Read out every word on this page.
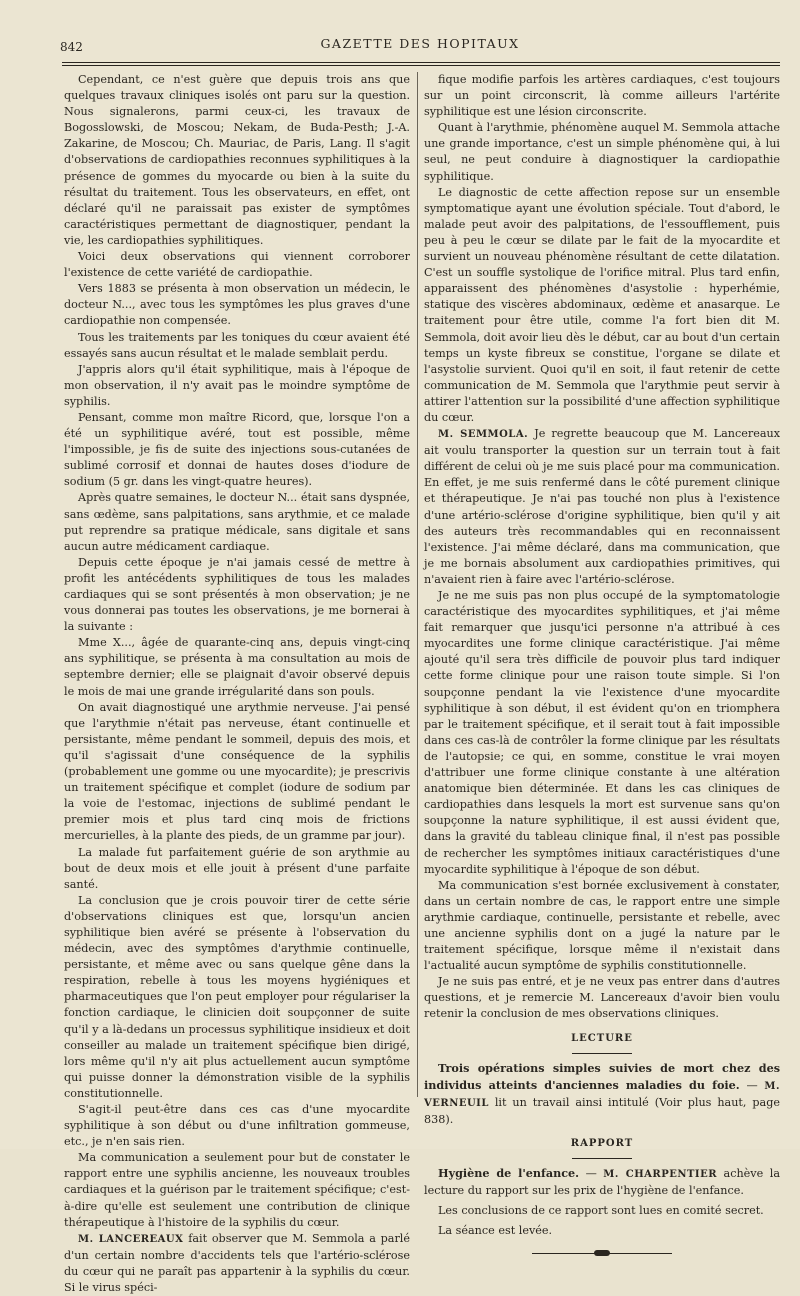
842	GAZETTE DES HOPITAUX

Cependant, ce n'est guère que depuis trois ans que quelques travaux cliniques isolés ont paru sur la question. Nous signalerons, parmi ceux-ci, les travaux de Bogosslowski, de Moscou; Nekam, de Buda-Pesth; J.-A. Zakarine, de Moscou; Ch. Mauriac, de Paris, Lang. Il s'agit d'observations de cardiopathies reconnues syphilitiques à la présence de gommes du myocarde ou bien à la suite du résultat du traitement. Tous les observateurs, en effet, ont déclaré qu'il ne paraissait pas exister de symptômes caractéristiques permettant de diagnostiquer, pendant la vie, les cardiopathies syphilitiques.

Voici deux observations qui viennent corroborer l'existence de cette variété de cardiopathie.

Vers 1883 se présenta à mon observation un médecin, le docteur N..., avec tous les symptômes les plus graves d'une cardiopathie non compensée.

Tous les traitements par les toniques du cœur avaient été essayés sans aucun résultat et le malade semblait perdu.

J'appris alors qu'il était syphilitique, mais à l'époque de mon observation, il n'y avait pas le moindre symptôme de syphilis.

Pensant, comme mon maître Ricord, que, lorsque l'on a été un syphilitique avéré, tout est possible, même l'impossible, je fis de suite des injections sous-cutanées de sublimé corrosif et donnai de hautes doses d'iodure de sodium (5 gr. dans les vingt-quatre heures).

Après quatre semaines, le docteur N... était sans dyspnée, sans œdème, sans palpitations, sans arythmie, et ce malade put reprendre sa pratique médicale, sans digitale et sans aucun autre médicament cardiaque.

Depuis cette époque je n'ai jamais cessé de mettre à profit les antécédents syphilitiques de tous les malades cardiaques qui se sont présentés à mon observation; je ne vous donnerai pas toutes les observations, je me bornerai à la suivante :

Mme X..., âgée de quarante-cinq ans, depuis vingt-cinq ans syphilitique, se présenta à ma consultation au mois de septembre dernier; elle se plaignait d'avoir observé depuis le mois de mai une grande irrégularité dans son pouls.

On avait diagnostiqué une arythmie nerveuse. J'ai pensé que l'arythmie n'était pas nerveuse, étant continuelle et persistante, même pendant le sommeil, depuis des mois, et qu'il s'agissait d'une conséquence de la syphilis (probablement une gomme ou une myocardite); je prescrivis un traitement spécifique et complet (iodure de sodium par la voie de l'estomac, injections de sublimé pendant le premier mois et plus tard cinq mois de frictions mercurielles, à la plante des pieds, de un gramme par jour).

La malade fut parfaitement guérie de son arythmie au bout de deux mois et elle jouit à présent d'une parfaite santé.

La conclusion que je crois pouvoir tirer de cette série d'observations cliniques est que, lorsqu'un ancien syphilitique bien avéré se présente à l'observation du médecin, avec des symptômes d'arythmie continuelle, persistante, et même avec ou sans quelque gêne dans la respiration, rebelle à tous les moyens hygiéniques et pharmaceutiques que l'on peut employer pour régulariser la fonction cardiaque, le clinicien doit soupçonner de suite qu'il y a là-dedans un processus syphilitique insidieux et doit conseiller au malade un traitement spécifique bien dirigé, lors même qu'il n'y ait plus actuellement aucun symptôme qui puisse donner la démonstration visible de la syphilis constitutionnelle.

S'agit-il peut-être dans ces cas d'une myocardite syphilitique à son début ou d'une infiltration gommeuse, etc., je n'en sais rien.

Ma communication a seulement pour but de constater le rapport entre une syphilis ancienne, les nouveaux troubles cardiaques et la guérison par le traitement spécifique; c'est-à-dire qu'elle est seulement une contribution de clinique thérapeutique à l'histoire de la syphilis du cœur.

M. LANCEREAUX fait observer que M. Semmola a parlé d'un certain nombre d'accidents tels que l'artério-sclérose du cœur qui ne paraît pas appartenir à la syphilis du cœur. Si le virus spéci-

fique modifie parfois les artères cardiaques, c'est toujours sur un point circonscrit, là comme ailleurs l'artérite syphilitique est une lésion circonscrite.

Quant à l'arythmie, phénomène auquel M. Semmola attache une grande importance, c'est un simple phénomène qui, à lui seul, ne peut conduire à diagnostiquer la cardiopathie syphilitique.

Le diagnostic de cette affection repose sur un ensemble symptomatique ayant une évolution spéciale. Tout d'abord, le malade peut avoir des palpitations, de l'essoufflement, puis peu à peu le cœur se dilate par le fait de la myocardite et survient un nouveau phénomène résultant de cette dilatation. C'est un souffle systolique de l'orifice mitral. Plus tard enfin, apparaissent des phénomènes d'asystolie : hyperhémie, statique des viscères abdominaux, œdème et anasarque. Le traitement pour être utile, comme l'a fort bien dit M. Semmola, doit avoir lieu dès le début, car au bout d'un certain temps un kyste fibreux se constitue, l'organe se dilate et l'asystolie survient. Quoi qu'il en soit, il faut retenir de cette communication de M. Semmola que l'arythmie peut servir à attirer l'attention sur la possibilité d'une affection syphilitique du cœur.

M. SEMMOLA. Je regrette beaucoup que M. Lancereaux ait voulu transporter la question sur un terrain tout à fait différent de celui où je me suis placé pour ma communication. En effet, je me suis renfermé dans le côté purement clinique et thérapeutique. Je n'ai pas touché non plus à l'existence d'une artério-sclérose d'origine syphilitique, bien qu'il y ait des auteurs très recommandables qui en reconnaissent l'existence. J'ai même déclaré, dans ma communication, que je me bornais absolument aux cardiopathies primitives, qui n'avaient rien à faire avec l'artério-sclérose.

Je ne me suis pas non plus occupé de la symptomatologie caractéristique des myocardites syphilitiques, et j'ai même fait remarquer que jusqu'ici personne n'a attribué à ces myocardites une forme clinique caractéristique. J'ai même ajouté qu'il sera très difficile de pouvoir plus tard indiquer cette forme clinique pour une raison toute simple. Si l'on soupçonne pendant la vie l'existence d'une myocardite syphilitique à son début, il est évident qu'on en triomphera par le traitement spécifique, et il serait tout à fait impossible dans ces cas-là de contrôler la forme clinique par les résultats de l'autopsie; ce qui, en somme, constitue le vrai moyen d'attribuer une forme clinique constante à une altération anatomique bien déterminée. Et dans les cas cliniques de cardiopathies dans lesquels la mort est survenue sans qu'on soupçonne la nature syphilitique, il est aussi évident que, dans la gravité du tableau clinique final, il n'est pas possible de rechercher les symptômes initiaux caractéristiques d'une myocardite syphilitique à l'époque de son début.

Ma communication s'est bornée exclusivement à constater, dans un certain nombre de cas, le rapport entre une simple arythmie cardiaque, continuelle, persistante et rebelle, avec une ancienne syphilis dont on a jugé la nature par le traitement spécifique, lorsque même il n'existait dans l'actualité aucun symptôme de syphilis constitutionnelle.

Je ne suis pas entré, et je ne veux pas entrer dans d'autres questions, et je remercie M. Lancereaux d'avoir bien voulu retenir la conclusion de mes observations cliniques.

LECTURE

Trois opérations simples suivies de mort chez des individus atteints d'anciennes maladies du foie. — M. VERNEUIL lit un travail ainsi intitulé (Voir plus haut, page 838).

RAPPORT

Hygiène de l'enfance. — M. CHARPENTIER achève la lecture du rapport sur les prix de l'hygiène de l'enfance.

Les conclusions de ce rapport sont lues en comité secret.

La séance est levée.
